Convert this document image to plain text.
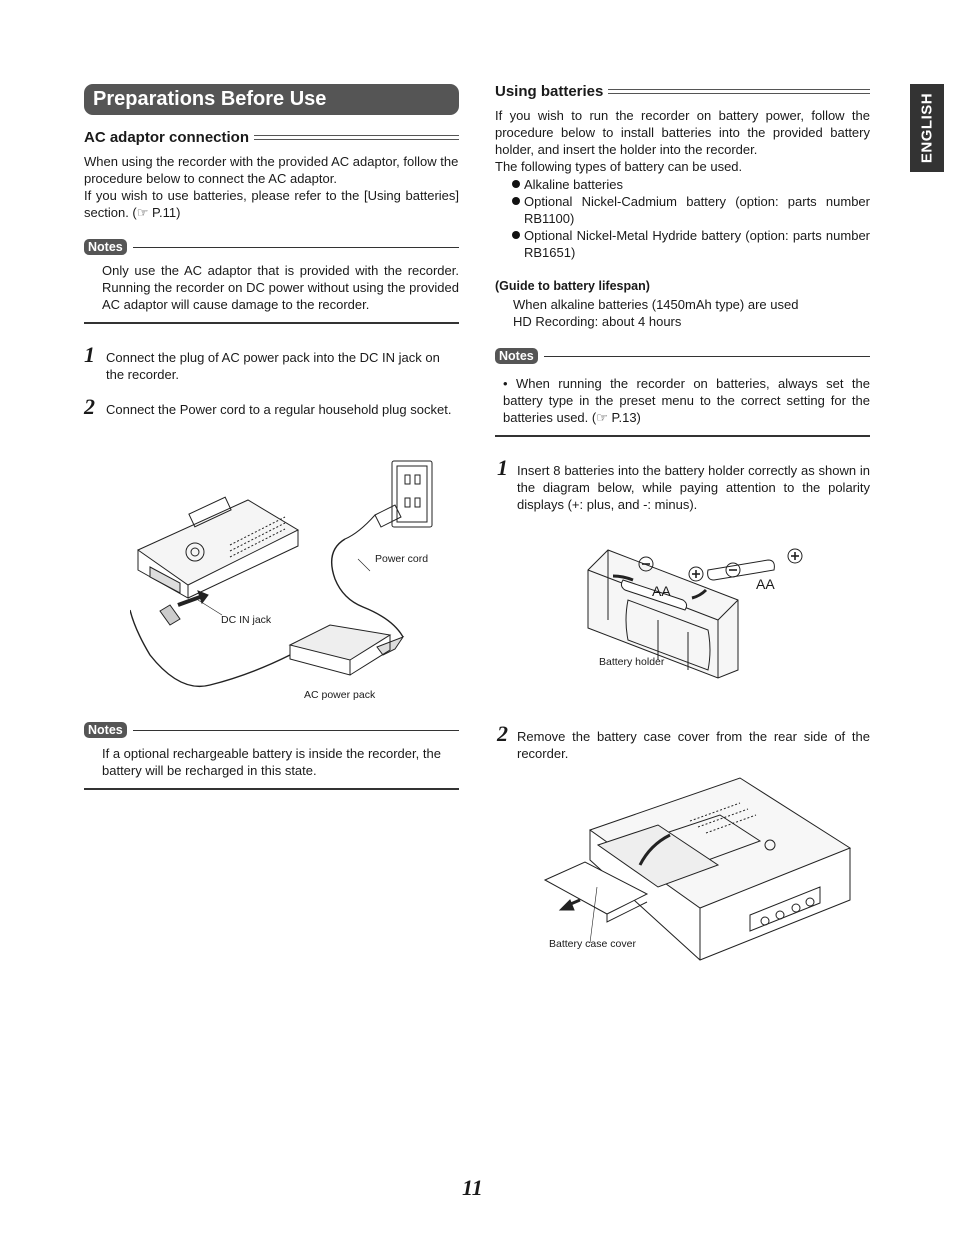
Preparations Before Use	ENGLISH
AC adaptor connection
When using the recorder with the provided AC adaptor, follow the procedure below to connect the AC adaptor.
If you wish to use batteries, please refer to the [Using batteries] section. (☞ P.11)
Notes
Only use the AC adaptor that is provided with the recorder. Running the recorder on DC power without using the provided AC adaptor will cause damage to the recorder.
1 Connect the plug of AC power pack into the DC IN jack on the recorder.
2 Connect the Power cord to a regular household plug socket.
Power cord
DC IN jack
AC power pack
Notes
If a optional rechargeable battery is inside the recorder, the battery will be recharged in this state.
Using batteries
If you wish to run the recorder on battery power, follow the procedure below to install batteries into the provided battery holder, and insert the holder into the recorder.
The following types of battery can be used.
Alkaline batteries
Optional Nickel-Cadmium battery (option: parts number RB1100)
Optional Nickel-Metal Hydride battery (option: parts number RB1651)
(Guide to battery lifespan)
When alkaline batteries (1450mAh type) are used
HD Recording: about 4 hours
Notes
• When running the recorder on batteries, always set the battery type in the preset menu to the correct setting for the batteries used. (☞ P.13)
1 Insert 8 batteries into the battery holder correctly as shown in the diagram below, while paying attention to the polarity displays (+: plus, and -: minus).
AA	AA
Battery holder
2 Remove the battery case cover from the rear side of the recorder.
Battery case cover
11
